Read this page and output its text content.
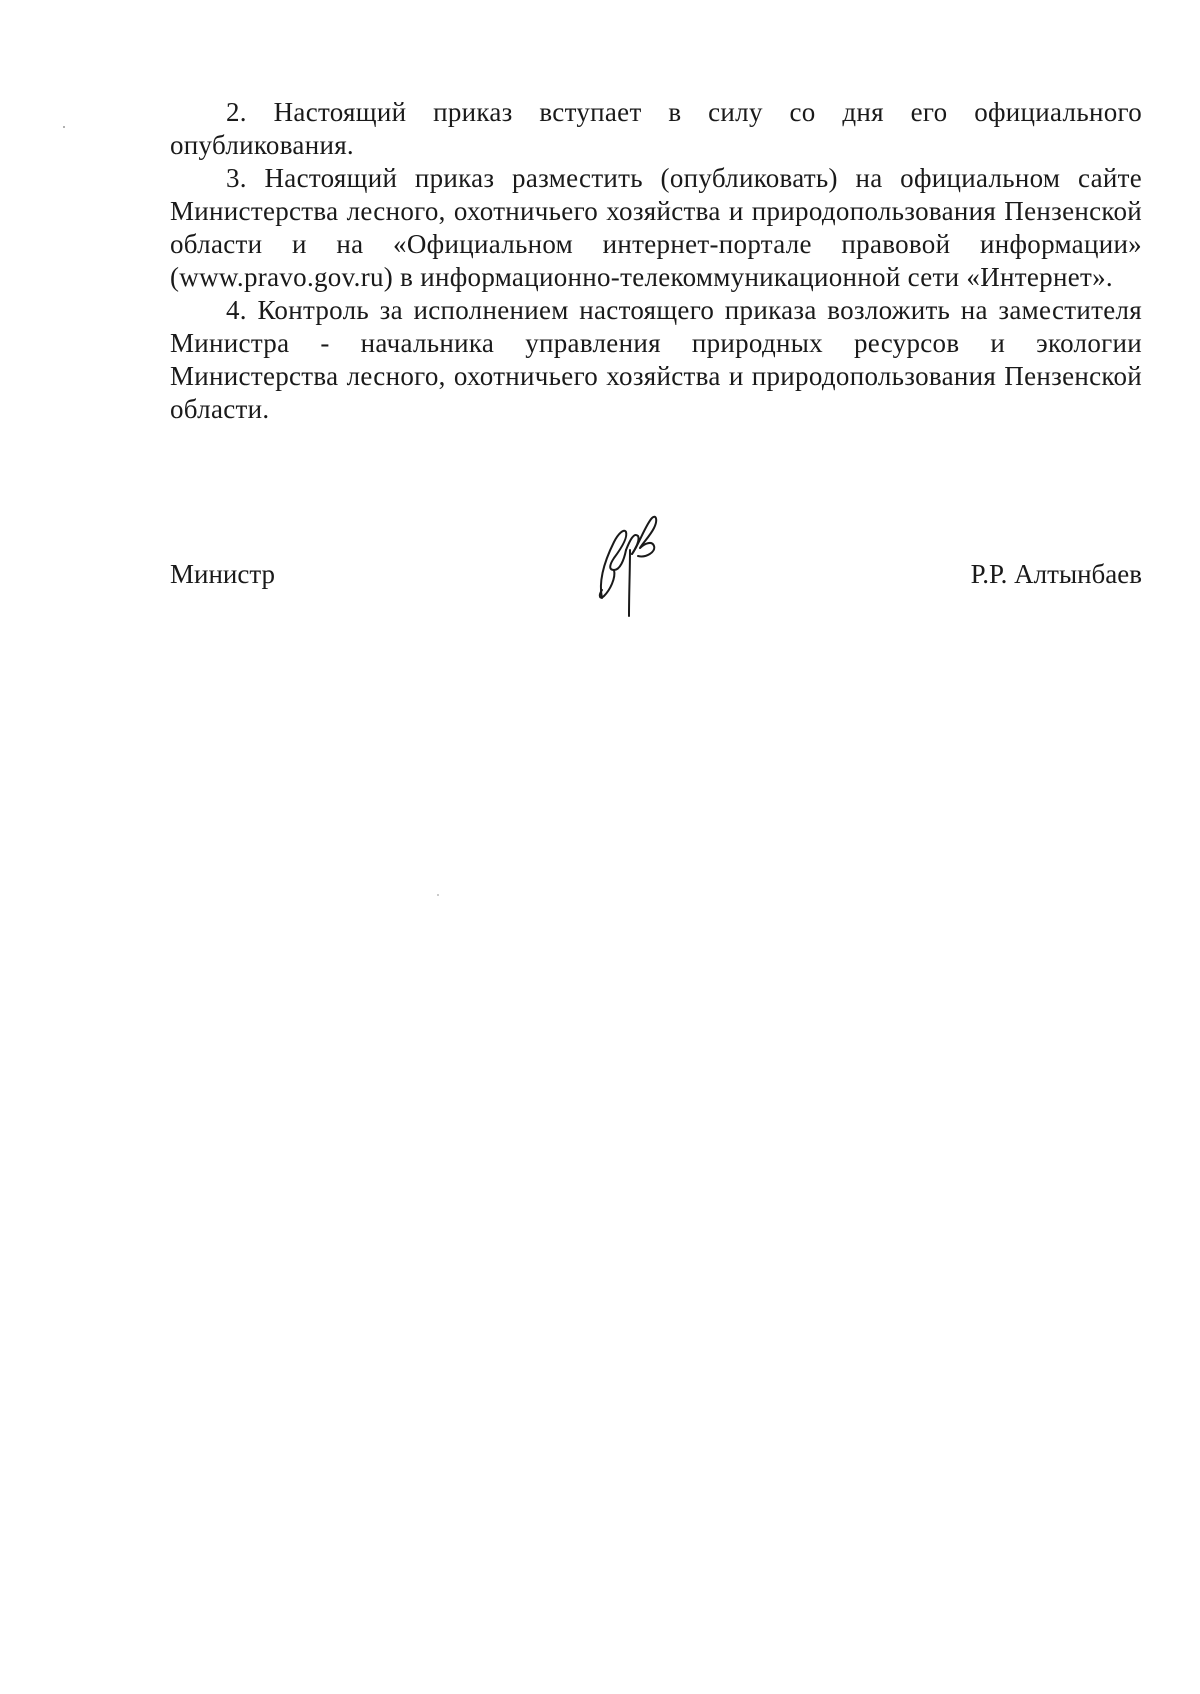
2. Настоящий приказ вступает в силу со дня его официального опубликования.

3. Настоящий приказ разместить (опубликовать) на официальном сайте Министерства лесного, охотничьего хозяйства и природопользования Пензенской области и на «Официальном интернет-портале правовой информации» (www.pravo.gov.ru) в информационно-телекоммуникационной сети «Интернет».

4. Контроль за исполнением настоящего приказа возложить на заместителя Министра - начальника управления природных ресурсов и экологии Министерства лесного, охотничьего хозяйства и природопользования Пензенской области.

Министр	Р.Р. Алтынбаев
